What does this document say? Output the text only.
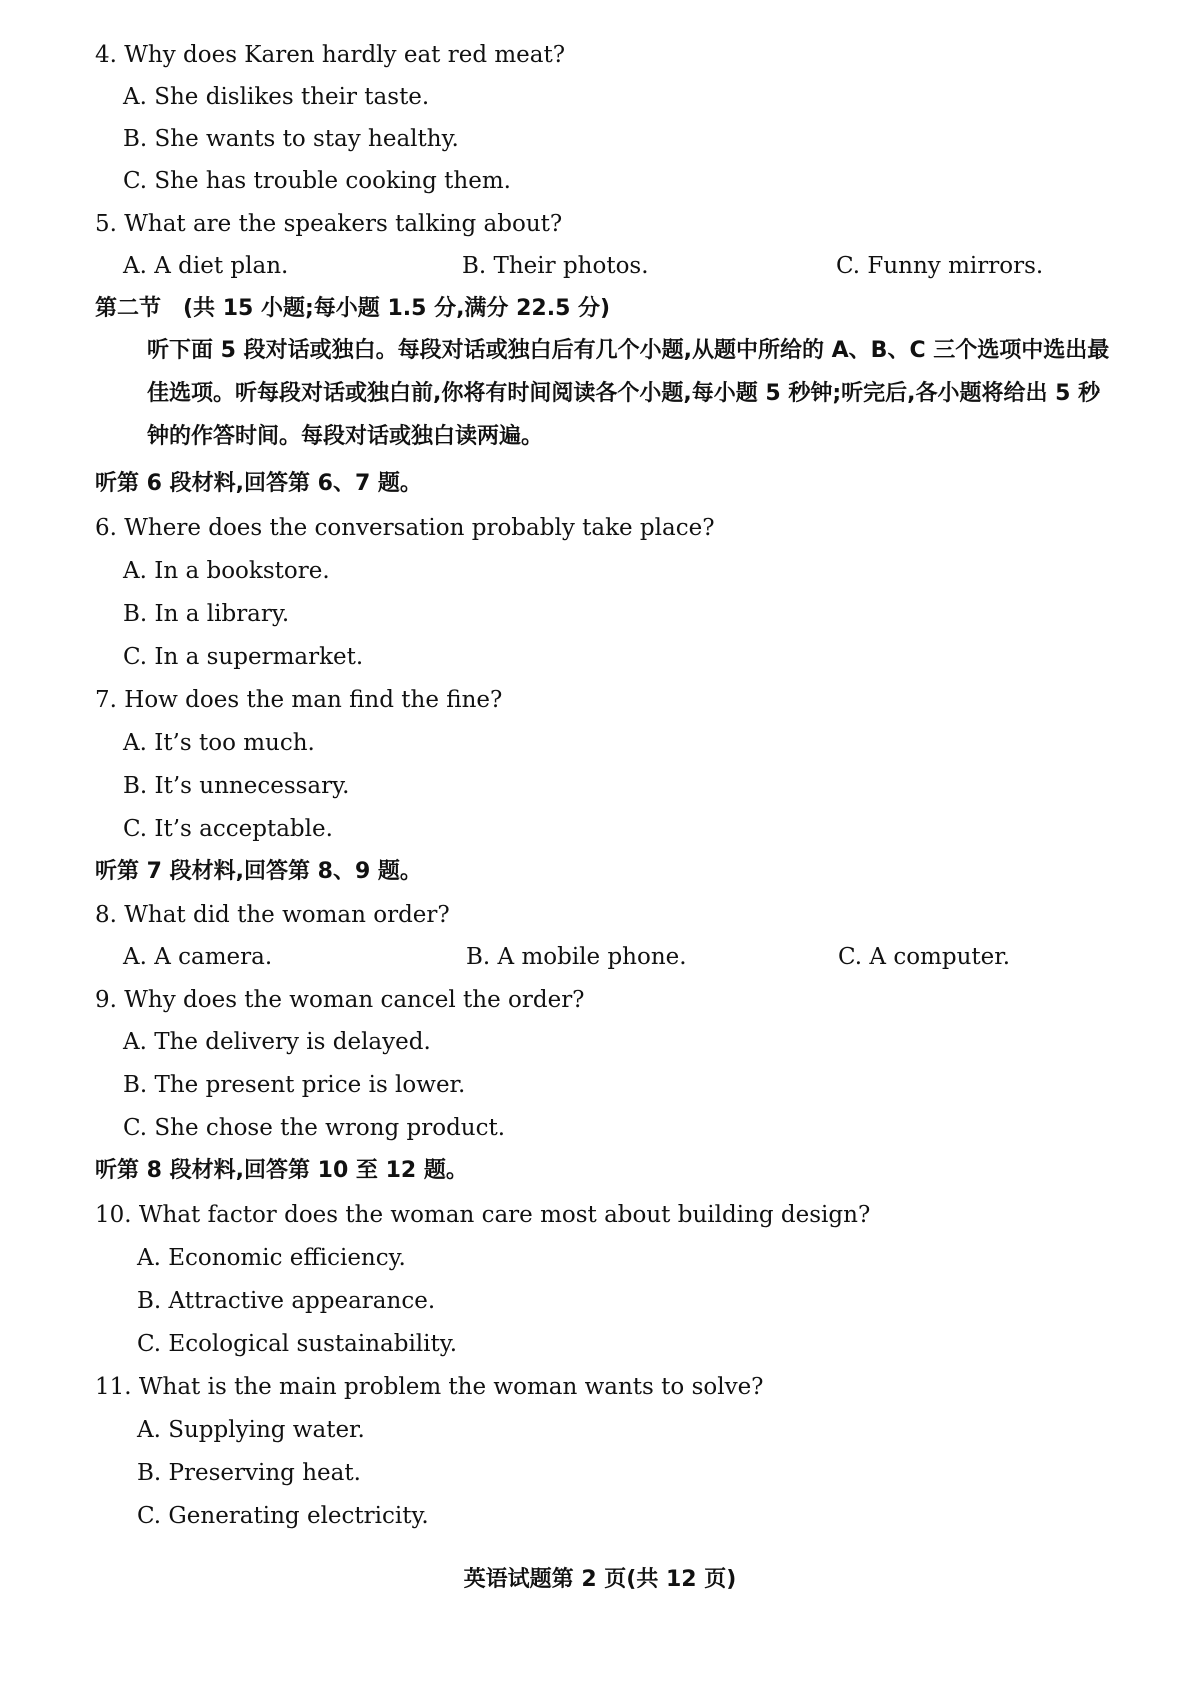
4. Why does Karen hardly eat red meat?
A. She dislikes their taste.
B. She wants to stay healthy.
C. She has trouble cooking them.
5. What are the speakers talking about?
A. A diet plan.	B. Their photos.	C. Funny mirrors.
第二节　(共 15 小题;每小题 1.5 分,满分 22.5 分)
听下面 5 段对话或独白。每段对话或独白后有几个小题,从题中所给的 A、B、C 三个选项中选出最佳选项。听每段对话或独白前,你将有时间阅读各个小题,每小题 5 秒钟;听完后,各小题将给出 5 秒钟的作答时间。每段对话或独白读两遍。
听第 6 段材料,回答第 6、7 题。
6. Where does the conversation probably take place?
A. In a bookstore.
B. In a library.
C. In a supermarket.
7. How does the man find the fine?
A. It’s too much.
B. It’s unnecessary.
C. It’s acceptable.
听第 7 段材料,回答第 8、9 题。
8. What did the woman order?
A. A camera.	B. A mobile phone.	C. A computer.
9. Why does the woman cancel the order?
A. The delivery is delayed.
B. The present price is lower.
C. She chose the wrong product.
听第 8 段材料,回答第 10 至 12 题。
10. What factor does the woman care most about building design?
A. Economic efficiency.
B. Attractive appearance.
C. Ecological sustainability.
11. What is the main problem the woman wants to solve?
A. Supplying water.
B. Preserving heat.
C. Generating electricity.
英语试题第 2 页(共 12 页)
